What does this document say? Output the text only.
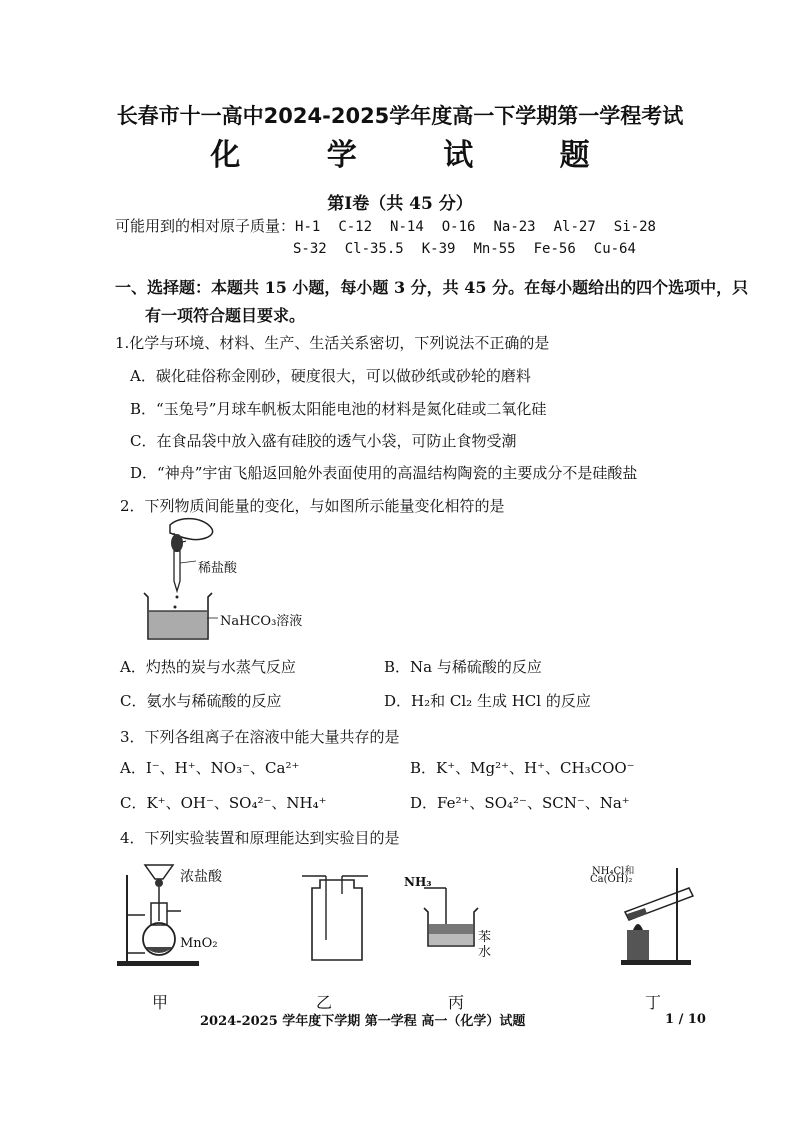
长春市十一高中2024-2025学年度高一下学期第一学程考试
化 学 试 题
第Ⅰ卷（共 45 分）
可能用到的相对原子质量：H-1 C-12 N-14 O-16 Na-23 Al-27 Si-28
S-32 Cl-35.5 K-39 Mn-55 Fe-56 Cu-64
一、选择题：本题共 15 小题，每小题 3 分，共 45 分。在每小题给出的四个选项中，只
有一项符合题目要求。
1.化学与环境、材料、生产、生活关系密切，下列说法不正确的是
A．碳化硅俗称金刚砂，硬度很大，可以做砂纸或砂轮的磨料
B．“玉兔号”月球车帆板太阳能电池的材料是氮化硅或二氧化硅
C．在食品袋中放入盛有硅胶的透气小袋，可防止食物受潮
D．“神舟”宇宙飞船返回舱外表面使用的高温结构陶瓷的主要成分不是硅酸盐
2．下列物质间能量的变化，与如图所示能量变化相符的是
稀盐酸
NaHCO₃溶液
A．灼热的炭与水蒸气反应	B．Na 与稀硫酸的反应
C．氨水与稀硫酸的反应	D．H₂和 Cl₂ 生成 HCl 的反应
3．下列各组离子在溶液中能大量共存的是
A．I⁻、H⁺、NO₃⁻、Ca²⁺	B．K⁺、Mg²⁺、H⁺、CH₃COO⁻
C．K⁺、OH⁻、SO₄²⁻、NH₄⁺	D．Fe²⁺、SO₄²⁻、SCN⁻、Na⁺
4．下列实验装置和原理能达到实验目的是
浓盐酸
MnO₂
NH₃
苯
水
NH₄Cl和
Ca(OH)₂
甲	乙	丙	丁
2024-2025 学年度下学期 第一学程 高一（化学）试题	1 / 10
